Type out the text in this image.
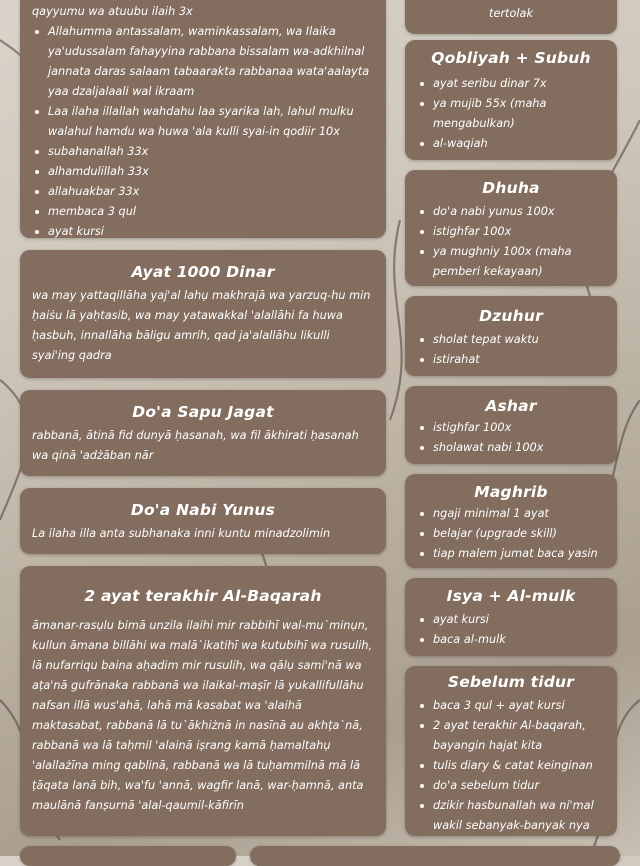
qayyumu wa atuubu ilaih 3x
Allahumma antassalam, waminkassalam, wa Ilaika ya'udussalam fahayyina rabbana bissalam wa-adkhilnal jannata daras salaam tabaarakta rabbanaa wata'aalayta yaa dzaljalaali wal ikraam
Laa ilaha illallah wahdahu laa syarika lah, lahul mulku walahul hamdu wa huwa 'ala kulli syai-in qodiir 10x
subahanallah 33x
alhamdulillah 33x
allahuakbar 33x
membaca 3 qul
ayat kursi
Ayat 1000 Dinar

wa may yattaqillāha yaj'al lahụ makhrajā wa yarzuq-hu min ḥaiṡu lā yaḥtasib, wa may yatawakkal 'alallāhi fa huwa ḥasbuh, innallāha bāligu amrih, qad ja'alallāhu likulli syai'ing qadra

Do'a Sapu Jagat

rabbanā, ātinā fid dunyā ḥasanah, wa fil ākhirati ḥasanah wa qinā 'adżāban nār

Do'a Nabi Yunus

La ilaha illa anta subhanaka inni kuntu minadzolimin

2 ayat terakhir Al-Baqarah

āmanar-rasụlu bimā unzila ilaihi mir rabbihī wal-mu`minụn, kullun āmana billāhi wa malā`ikatihī wa kutubihī wa rusulih, lā nufarriqu baina aḥadim mir rusulih, wa qālụ sami'nā wa aṭa'nā gufrānaka rabbanā wa ilaikal-maṣīr lā yukallifullāhu nafsan illā wus'ahā, lahā mā kasabat wa 'alaihā maktasabat, rabbanā lā tu`ākhiżnā in nasīnā au akhṭa`nā, rabbanā wa lā taḥmil 'alainā iṣrang kamā ḥamaltahụ 'alallażīna ming qablinā, rabbanā wa lā tuḥammilnā mā lā ṭāqata lanā bih, wa'fu 'annā, wagfir lanā, war-ḥamnā, anta maulānā fanṣurnā 'alal-qaumil-kāfirīn

tertolak

Qobliyah + Subuh
ayat seribu dinar 7x
ya mujib 55x (maha mengabulkan)
al-waqiah
Dhuha
do'a nabi yunus 100x
istighfar 100x
ya mughniy 100x (maha pemberi kekayaan)
Dzuhur
sholat tepat waktu
istirahat
Ashar
istighfar 100x
sholawat nabi 100x
Maghrib
ngaji minimal 1 ayat
belajar (upgrade skill)
tiap malem jumat baca yasin
Isya + Al-mulk
ayat kursi
baca al-mulk
Sebelum tidur
baca 3 qul + ayat kursi
2 ayat terakhir Al-baqarah, bayangin hajat kita
tulis diary & catat keinginan
do'a sebelum tidur
dzikir hasbunallah wa ni'mal wakil sebanyak-banyak nya
